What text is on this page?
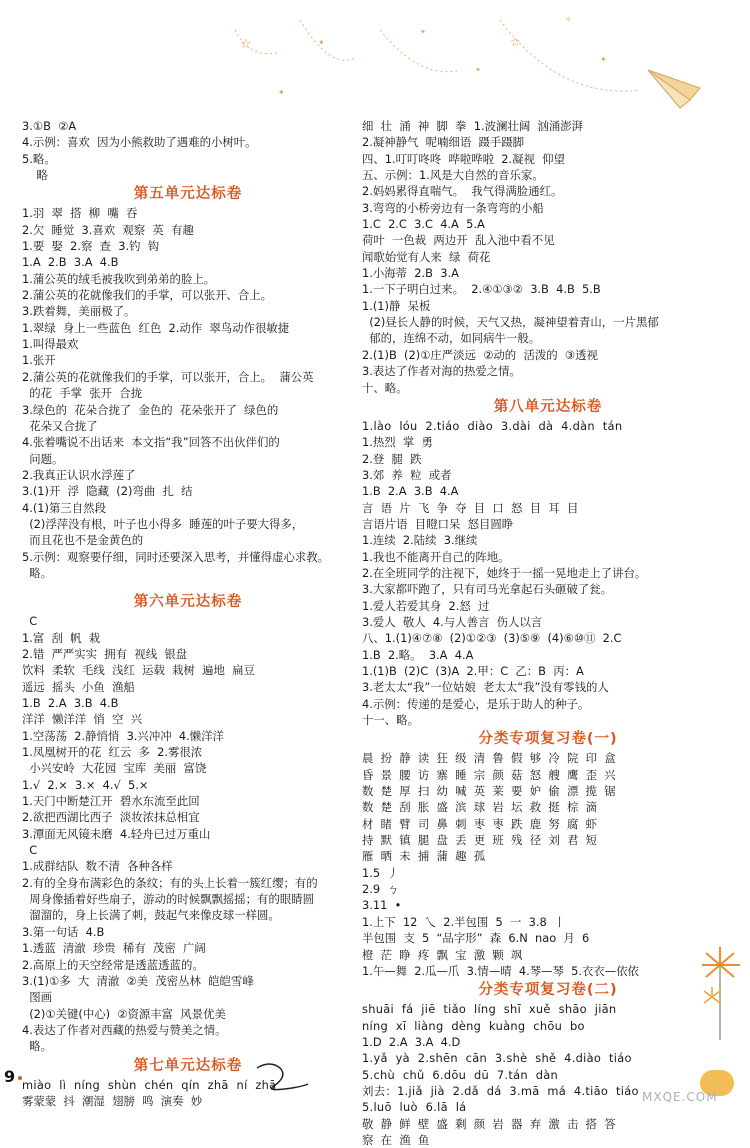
☆	☆
✦
✦
✦
✦
✧
✦
3.①B  ②A
4.示例：喜欢  因为小熊救助了遇难的小树叶。
5.略。
略
第五单元达标卷
1.羽  翠  搭  柳  嘴  吞
2.欠  睡觉  3.喜欢  观察  英  有趣
1.要  娶  2.察  查  3.钓  钩
1.A  2.B  3.A  4.B
1.蒲公英的绒毛被我吹到弟弟的脸上。
2.蒲公英的花就像我们的手掌，可以张开、合上。
3.跌着舞，美丽极了。
1.翠绿  身上一些蓝色  红色  2.动作  翠鸟动作很敏捷
1.叫得最欢
1.张开
2.蒲公英的花就像我们的手掌，可以张开，合上。  蒲公英
的花  手掌  张开  合拢
3.绿色的  花朵合拢了  金色的  花朵张开了  绿色的
花朵又合拢了
4.张着嘴说不出话来  本文指“我”回答不出伙伴们的
问题。
2.我真正认识水浮莲了
3.(1)开  浮  隐藏  (2)弯曲  扎  结
4.(1)第三自然段
(2)浮萍没有根，叶子也小得多  睡莲的叶子要大得多，
而且花也不是金黄色的
5.示例：观察要仔细，同时还要深入思考，并懂得虚心求教。
略。
第六单元达标卷
C
1.富  刮  帆  栽
2.错  严严实实  拥有  视线  银盘
饮料  柔软  毛线  浅红  运载  栽树  遍地  扁豆
遥远  摇头  小鱼  渔船
1.B  2.A  3.B  4.B
洋洋  懒洋洋  悄  空  兴
1.空荡荡  2.静悄悄  3.兴冲冲  4.懒洋洋
1.凤凰树开的花  红云  多  2.雾很浓
小兴安岭  大花园  宝库  美丽  富饶
1.√  2.×  3.×  4.√  5.×
1.天门中断楚江开  碧水东流至此回
2.欲把西湖比西子  淡妆浓抹总相宜
3.潭面无风镜未磨  4.轻舟已过万重山
C
1.成群结队  数不清  各种各样
2.有的全身布满彩色的条纹；有的头上长着一簇红缨；有的
周身像插着好些扇子，游动的时候飘飘摇摇；有的眼睛圆
溜溜的，身上长满了刺，鼓起气来像皮球一样圆。
3.第一句话  4.B
1.透蓝  清澈  珍贵  稀有  茂密  广阔
2.高原上的天空经常是透蓝透蓝的。
3.(1)①多  大  清澈  ②美  茂密丛林  皑皑雪峰
图画
(2)①关键(中心)  ②资源丰富  风景优美
4.表达了作者对西藏的热爱与赞美之情。
略。
第七单元达标卷
miào  lì  níng  shùn  chén  qín  zhā  ní  zhā
雾蒙蒙  抖  潮湿  翅膀  鸣  演奏  妙
细  壮  涌  神  脚  拳  1.波澜壮阔  汹涌澎湃
2.凝神静气  呢喃细语  蹑手蹑脚
四、1.叮叮咚咚  哗啦哗啦  2.凝视  仰望
五、示例：1.风是大自然的音乐家。
2.妈妈累得直喘气。  我气得满脸通红。
3.弯弯的小桥旁边有一条弯弯的小船
1.C  2.C  3.C  4.A  5.A
荷叶  一色裁  两边开  乱入池中看不见
闻歌始觉有人来  绿  荷花
1.小海蒂  2.B  3.A
1.一下子明白过来。  2.④①③②  3.B  4.B  5.B
1.(1)静  呆板
(2)昼长人静的时候，天气又热，凝神望着青山，一片黑郁
郁的，连绵不动，如同病牛一般。
2.(1)B  (2)①庄严淡远  ②动的  活泼的  ③透视
3.表达了作者对海的热爱之情。
十、略。
第八单元达标卷
1.lào  lóu  2.tiáo  diào  3.dài  dà  4.dàn  tán
1.热烈  掌  勇
2.登  腿  跌
3.郊  养  粒  或者
1.B  2.A  3.B  4.A
言  语  片  飞  争  夺  目  口  怒  目  耳  目
言语片语  目瞪口呆  怒目圆睁
1.连续  2.陆续  3.继续
1.我也不能离开自己的阵地。
2.在全班同学的注视下，她终于一摇一晃地走上了讲台。
3.大家都吓跑了，只有司马光拿起石头砸破了瓮。
1.爱人若爱其身  2.怒  过
3.爱人  敬人  4.与人善言  伤人以言
八、1.(1)④⑦⑧  (2)①②③  (3)⑤⑨  (4)⑥⑩⑪  2.C
1.B  2.略。  3.A  4.A
1.(1)B  (2)C  (3)A  2.甲：C  乙：B  丙：A
3.老太太“我”一位姑娘  老太太“我”没有零钱的人
4.示例：传递的是爱心，是乐于助人的种子。
十一、略。
分类专项复习卷(一)
晨  扮  静  读  狂  级  清  鲁  假  够  冷  院  印  盒
昏  景  腰  访  寨  睡  宗  颜  菇  怒  艘  鹰  歪  兴
数  楚  厚  扫  幼  喊  英  莱  要  妒  偷  漂  揽  锯
数  楚  刮  胀  盛  滨  球  岩  坛  救  挺  棕  滴
材  睹  臂  司  鼻  刺  枣  枣  跌  鹿  努  腐  虾
持  默  镇  腿  盘  丢  更  班  残  径  刘  君  短
雁  晒  未  捕  蒲  趣  孤
1.5  丿
2.9  ㄅ
3.11  •
1.上下  12  乀  2.半包围  5  一  3.8  丨
半包围  支  5  “品字形”  森  6.N  nao  月  6
橙  茫  睁  疼  飘  宝  激  颗  飒
1.午—舞  2.瓜—爪  3.情—晴  4.琴—琴  5.衣衣—依依
分类专项复习卷(二)
shuāi  fá  jiē  tiǎo  líng  shī  xuě  shāo  jiān
níng  xī  liàng  dèng  kuàng  chōu  bo
1.D  2.A  3.A  4.D
1.yǎ  yà  2.shēn  cān  3.shè  shě  4.diào  tiáo
5.chù  chǔ  6.dōu  dū  7.tán  dàn
刘去：1.jiǎ  jià  2.dǎ  dá  3.mā  má  4.tiāo  tiáo
5.luō  luò  6.lā  lá
敬  静  鲜  壁  盛  剩  颜  岩  器  弃  激  击  搭  答
察  在  渔  鱼
9
MXQE.COM
